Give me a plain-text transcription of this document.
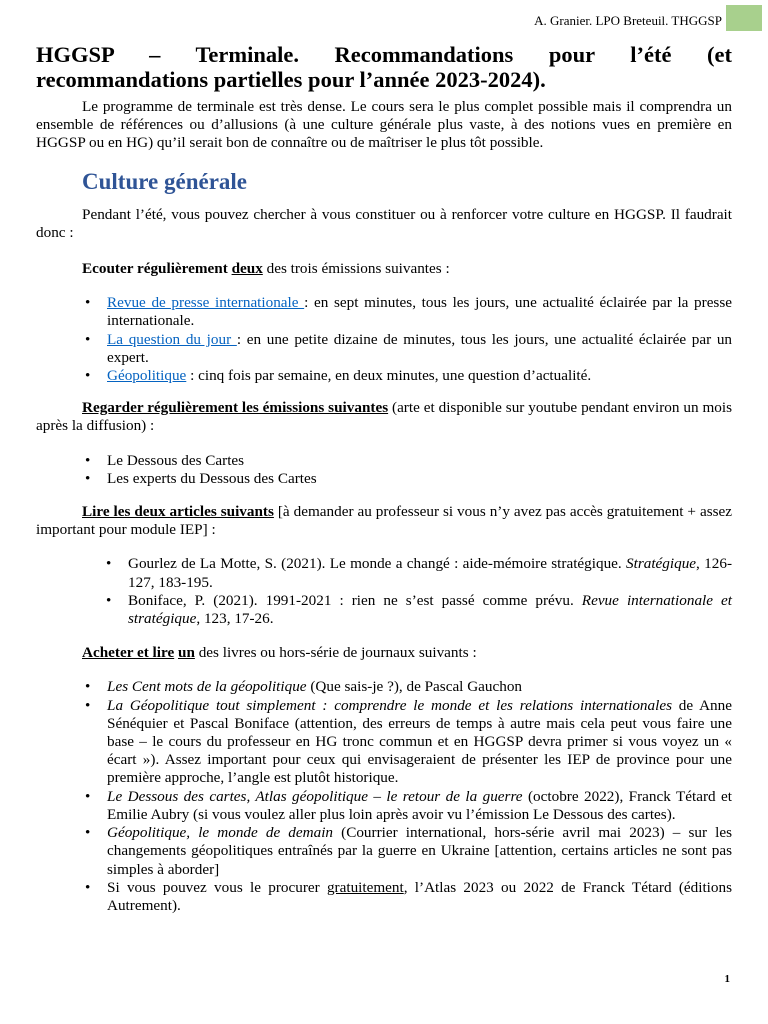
A. Granier. LPO Breteuil. THGGSP
HGGSP – Terminale. Recommandations pour l’été (et
recommandations partielles pour l’année 2023-2024).

Le programme de terminale est très dense. Le cours sera le plus complet possible mais il comprendra un ensemble de références ou d’allusions (à une culture générale plus vaste, à des notions vues en première en HGGSP ou en HG) qu’il serait bon de connaître ou de maîtriser le plus tôt possible.

Culture générale

Pendant l’été, vous pouvez chercher à vous constituer ou à renforcer votre culture en HGGSP. Il faudrait donc :

Ecouter régulièrement deux des trois émissions suivantes :

• Revue de presse internationale : en sept minutes, tous les jours, une actualité éclairée par la presse internationale.
• La question du jour : en une petite dizaine de minutes, tous les jours, une actualité éclairée par un expert.
• Géopolitique : cinq fois par semaine, en deux minutes, une question d’actualité.

Regarder régulièrement les émissions suivantes (arte et disponible sur youtube pendant environ un mois après la diffusion) :

• Le Dessous des Cartes
• Les experts du Dessous des Cartes

Lire les deux articles suivants [à demander au professeur si vous n’y avez pas accès gratuitement + assez important pour module IEP] :

• Gourlez de La Motte, S. (2021). Le monde a changé : aide-mémoire stratégique. Stratégique, 126-127, 183-195.
• Boniface, P. (2021). 1991-2021 : rien ne s’est passé comme prévu. Revue internationale et stratégique, 123, 17-26.

Acheter et lire un des livres ou hors-série de journaux suivants :

• Les Cent mots de la géopolitique (Que sais-je ?), de Pascal Gauchon
• La Géopolitique tout simplement : comprendre le monde et les relations internationales de Anne Sénéquier et Pascal Boniface (attention, des erreurs de temps à autre mais cela peut vous faire une base – le cours du professeur en HG tronc commun et en HGGSP devra primer si vous voyez un « écart »). Assez important pour ceux qui envisageraient de présenter les IEP de province pour une première approche, l’angle est plutôt historique.
• Le Dessous des cartes, Atlas géopolitique – le retour de la guerre (octobre 2022), Franck Tétard et Emilie Aubry (si vous voulez aller plus loin après avoir vu l’émission Le Dessous des cartes).
• Géopolitique, le monde de demain (Courrier international, hors-série avril mai 2023) – sur les changements géopolitiques entraînés par la guerre en Ukraine [attention, certains articles ne sont pas simples à aborder]
• Si vous pouvez vous le procurer gratuitement, l’Atlas 2023 ou 2022 de Franck Tétard (éditions Autrement).
1
